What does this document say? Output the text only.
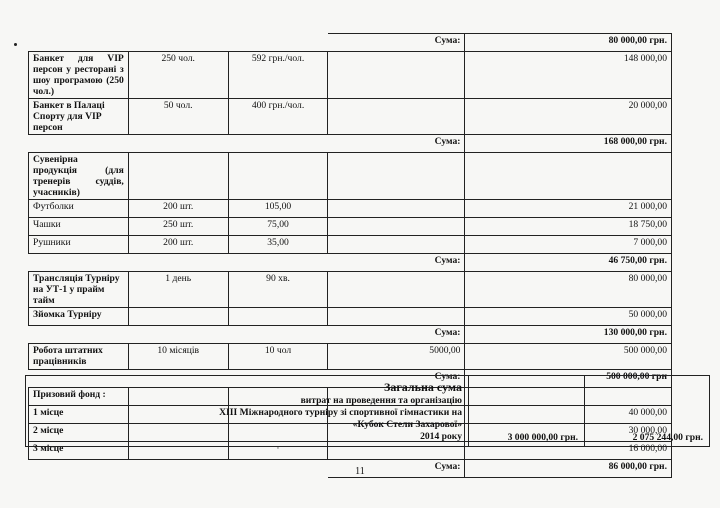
			Сума:	80 000,00 грн.

Банкет для VIP персон у ресторані з шоу програмою (250 чол.)	250 чол.	592 грн./чол.		148 000,00
Банкет в Палаці Спорту для VIP персон	50 чол.	400 грн./чол.		20 000,00
			Сума:	168 000,00 грн.

Сувенірна продукція (для тренерів суддів, учасників)				

Футболки	200 шт.	105,00		21 000,00
Чашки	250 шт.	75,00		18 750,00
Рушники	200 шт.	35,00		7 000,00
			Сума:	46 750,00 грн.
Трансляція Турніру на УТ-1 у прайм тайм	1 день	90 хв.		80 000,00
Зйомка Турніру				50 000,00
			Сума:	130 000,00 грн.
Робота штатних працівників	10 місяців	10 чол	5000,00	500 000,00
			Сума:	500 000,00 грн
Призовий фонд :				
1 місце				40 000,00
2 місце				30 000,00
3 місце		·		16 000,00
			Сума:	86 000,00 грн.
Загальна сума
витрат на проведення та організацію
XIII Міжнародного турніру зі спортивної гімнастики на
«Кубок Стели Захарової»
2014 року	3 000 000,00 грн.	2 075 244,00 грн.
11
